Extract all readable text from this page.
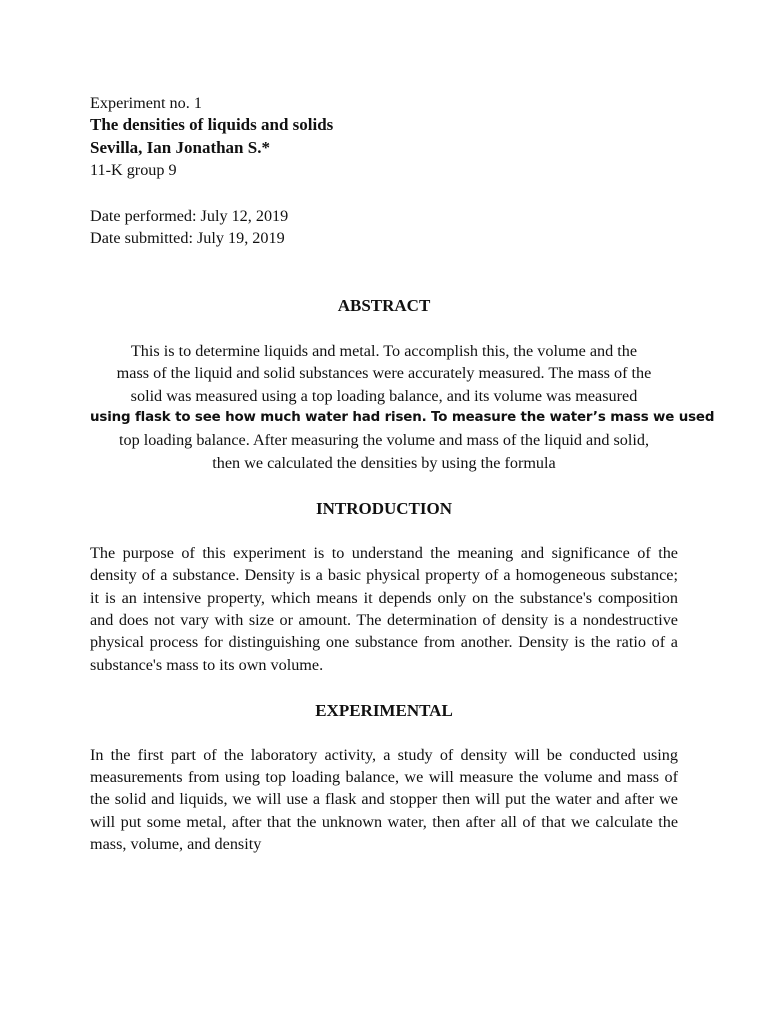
Experiment no. 1
The densities of liquids and solids
Sevilla, Ian Jonathan S.*
11-K group 9
Date performed: July 12, 2019
Date submitted: July 19, 2019
ABSTRACT
This is to determine liquids and metal. To accomplish this, the volume and the
mass of the liquid and solid substances were accurately measured. The mass of the
solid was measured using a top loading balance, and its volume was measured
using flask to see how much water had risen. To measure the water’s mass we used
top loading balance. After measuring the volume and mass of the liquid and solid,
then we calculated the densities by using the formula
INTRODUCTION

The purpose of this experiment is to understand the meaning and significance of the density of a substance. Density is a basic physical property of a homogeneous substance; it is an intensive property, which means it depends only on the substance's composition and does not vary with size or amount. The determination of density is a nondestructive physical process for distinguishing one substance from another. Density is the ratio of a substance's mass to its own volume.

EXPERIMENTAL

In the first part of the laboratory activity, a study of density will be conducted using measurements from using top loading balance, we will measure the volume and mass of the solid and liquids, we will use a flask and stopper then will put the water and after we will put some metal, after that the unknown water, then after all of that we calculate the mass, volume, and density
